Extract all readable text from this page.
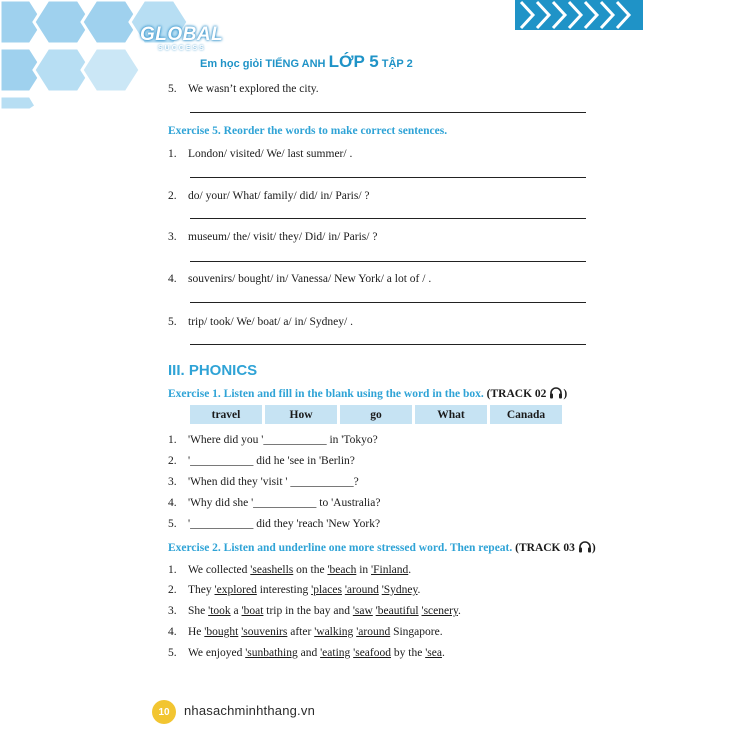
GLOBAL
SUCCESS
Em học giỏi TIẾNG ANH LỚP 5 TẬP 2
5. We wasn’t explored the city.
Exercise 5. Reorder the words to make correct sentences.
1. London/ visited/ We/ last summer/ .
2. do/ your/ What/ family/ did/ in/ Paris/ ?
3. museum/ the/ visit/ they/ Did/ in/ Paris/ ?
4. souvenirs/ bought/ in/ Vanessa/ New York/ a lot of / .
5. trip/ took/ We/ boat/ a/ in/ Sydney/ .
III. PHONICS
Exercise 1. Listen and fill in the blank using the word in the box. (TRACK 02 )
travel	How	go	What	Canada
1. 'Where did you '___________ in 'Tokyo?
2. '___________ did he 'see in 'Berlin?
3. 'When did they 'visit ' ___________?
4. 'Why did she '___________ to 'Australia?
5. '___________ did they 'reach 'New York?
Exercise 2. Listen and underline one more stressed word. Then repeat. (TRACK 03 )
1. We collected 'seashells on the 'beach in 'Finland.
2. They 'explored interesting 'places 'around 'Sydney.
3. She 'took a 'boat trip in the bay and 'saw 'beautiful 'scenery.
4. He 'bought 'souvenirs after 'walking 'around Singapore.
5. We enjoyed 'sunbathing and 'eating 'seafood by the 'sea.
10	nhasachminhthang.vn
